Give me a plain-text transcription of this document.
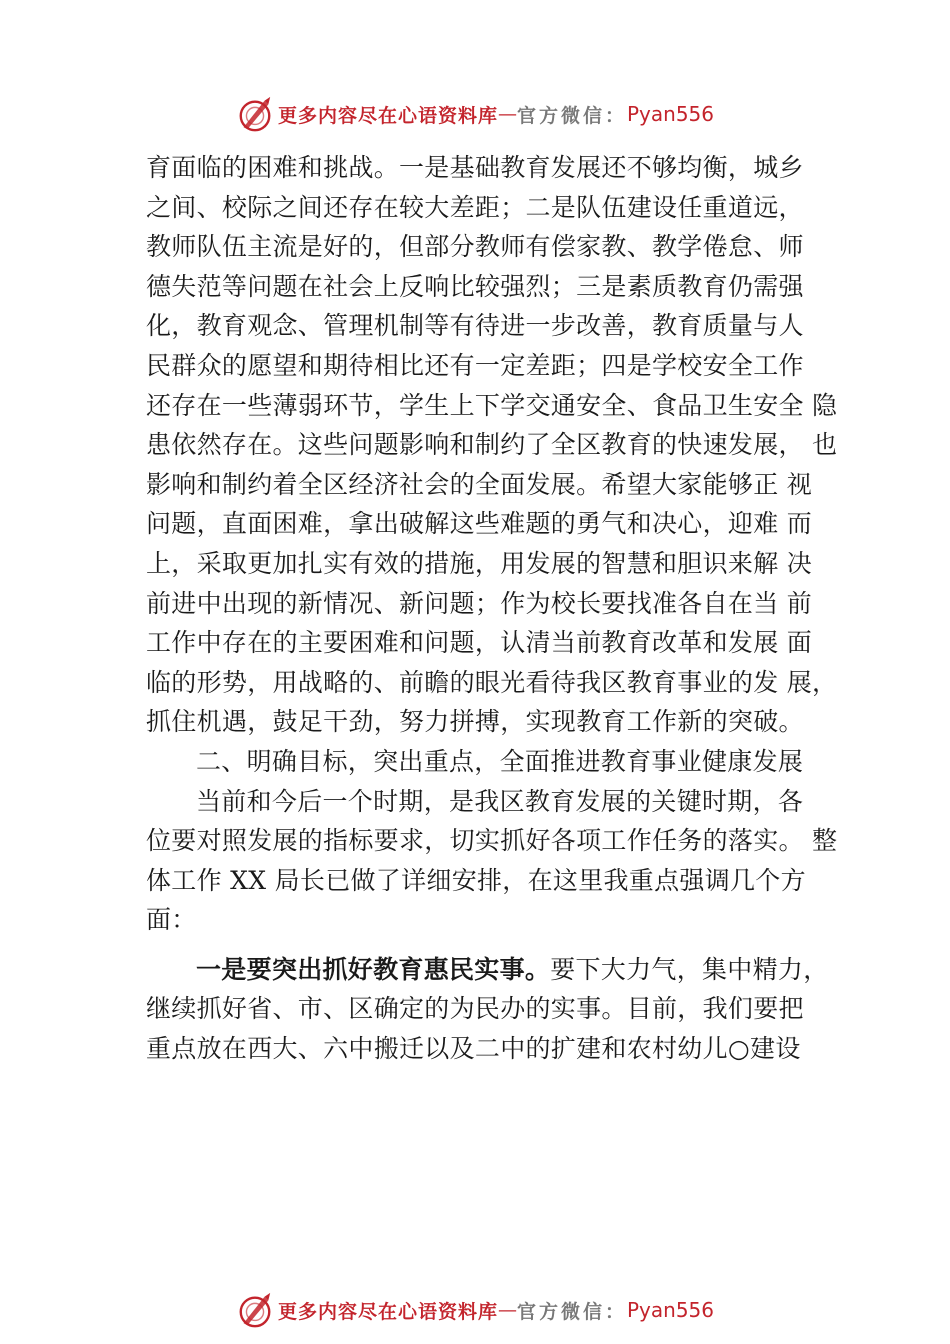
更多内容尽在心语资料库 — 官方微信： Pyan556
育面临的困难和挑战。一是基础教育发展还不够均衡，城乡
之间、校际之间还存在较大差距；二是队伍建设任重道远，
教师队伍主流是好的，但部分教师有偿家教、教学倦怠、师
德失范等问题在社会上反响比较强烈；三是素质教育仍需强
化，教育观念、管理机制等有待进一步改善，教育质量与人
民群众的愿望和期待相比还有一定差距；四是学校安全工作
还存在一些薄弱环节，学生上下学交通安全、食品卫生安全 隐
患依然存在。这些问题影响和制约了全区教育的快速发展， 也
影响和制约着全区经济社会的全面发展。希望大家能够正 视
问题，直面困难，拿出破解这些难题的勇气和决心，迎难 而
上，采取更加扎实有效的措施，用发展的智慧和胆识来解 决
前进中出现的新情况、新问题；作为校长要找准各自在当 前
工作中存在的主要困难和问题，认清当前教育改革和发展 面
临的形势，用战略的、前瞻的眼光看待我区教育事业的发 展，
抓住机遇，鼓足干劲，努力拼搏，实现教育工作新的突破。
二、明确目标，突出重点，全面推进教育事业健康发展
当前和今后一个时期，是我区教育发展的关键时期，各
位要对照发展的指标要求，切实抓好各项工作任务的落实。 整
体工作 XX 局长已做了详细安排，在这里我重点强调几个方
面：
一是要突出抓好教育惠民实事。要下大力气，集中精力，
继续抓好省、市、区确定的为民办的实事。目前，我们要把
重点放在西大、六中搬迁以及二中的扩建和农村幼儿○建设
更多内容尽在心语资料库 — 官方微信： Pyan556
